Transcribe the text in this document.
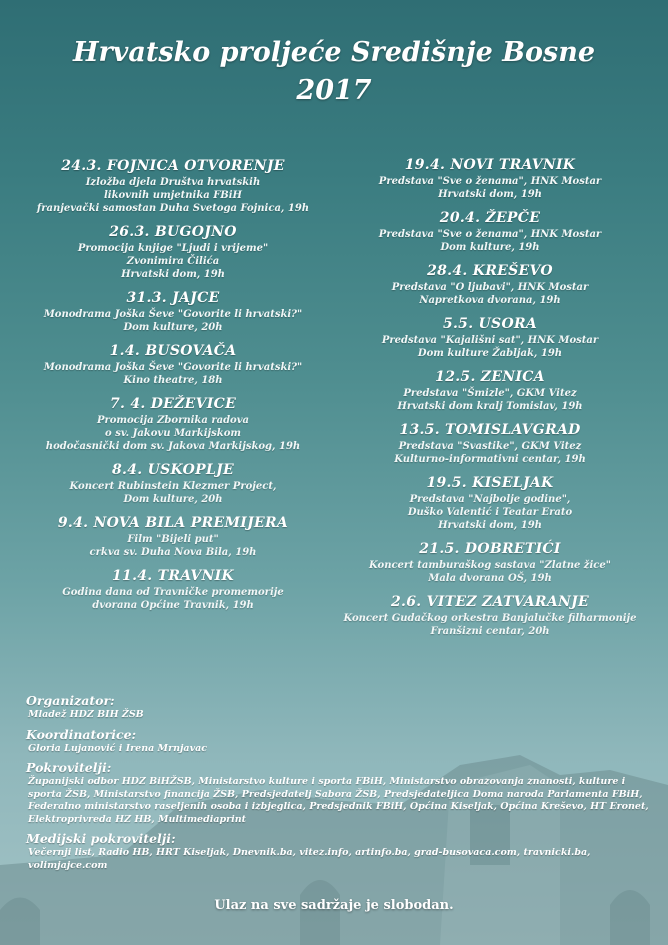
Hrvatsko proljeće Središnje Bosne
2017
24.3. FOJNICA OTVORENJE
Izložba djela Društva hrvatskih
likovnih umjetnika FBiH
franjevački samostan Duha Svetoga Fojnica, 19h
26.3. BUGOJNO
Promocija knjige "Ljudi i vrijeme"
Zvonimira Čilića
Hrvatski dom, 19h
31.3. JAJCE
Monodrama Joška Ševe "Govorite li hrvatski?"
Dom kulture, 20h
1.4. BUSOVAČA
Monodrama Joška Ševe "Govorite li hrvatski?"
Kino theatre, 18h
7. 4. DEŽEVICE
Promocija Zbornika radova
o sv. Jakovu Markijskom
hodočasnički dom sv. Jakova Markijskog, 19h
8.4. USKOPLJE
Koncert Rubinstein Klezmer Project,
Dom kulture, 20h
9.4. NOVA BILA PREMIJERA
Film "Bijeli put"
crkva sv. Duha Nova Bila, 19h
11.4. TRAVNIK
Godina dana od Travničke promemorije
dvorana Općine Travnik, 19h
19.4. NOVI TRAVNIK
Predstava "Sve o ženama", HNK Mostar
Hrvatski dom, 19h
20.4. ŽEPČE
Predstava "Sve o ženama", HNK Mostar
Dom kulture, 19h
28.4. KREŠEVO
Predstava "O ljubavi", HNK Mostar
Napretkova dvorana, 19h
5.5. USORA
Predstava "Kajališni sat", HNK Mostar
Dom kulture Žabljak, 19h
12.5. ZENICA
Predstava "Šmizle", GKM Vitez
Hrvatski dom kralj Tomislav, 19h
13.5. TOMISLAVGRAD
Predstava "Svastike", GKM Vitez
Kulturno-informativni centar, 19h
19.5. KISELJAK
Predstava "Najbolje godine",
Duško Valentić i Teatar Erato
Hrvatski dom, 19h
21.5. DOBRETIĆI
Koncert tamburaškog sastava "Zlatne žice"
Mala dvorana OŠ, 19h
2.6. VITEZ ZATVARANJE
Koncert Gudačkog orkestra Banjalučke filharmonije
Franšizni centar, 20h
Organizator:
Mladež HDZ BIH ŽSB
Koordinatorice:
Gloria Lujanović i Irena Mrnjavac
Pokrovitelji:
Županijski odbor HDZ BiHŽSB, Ministarstvo kulture i sporta FBiH, Ministarstvo obrazovanja znanosti, kulture i sporta ŽSB, Ministarstvo financija ŽSB, Predsjedatelj Sabora ŽSB, Predsjedateljica Doma naroda Parlamenta FBiH, Federalno ministarstvo raseljenih osoba i izbjeglica, Predsjednik FBiH, Općina Kiseljak, Općina Kreševo, HT Eronet, Elektroprivreda HZ HB, Multimediaprint
Medijski pokrovitelji:
Večernji list, Radio HB, HRT Kiseljak, Dnevnik.ba, vitez.info, artinfo.ba, grad-busovaca.com, travnicki.ba, volimjajce.com
Ulaz na sve sadržaje je slobodan.
